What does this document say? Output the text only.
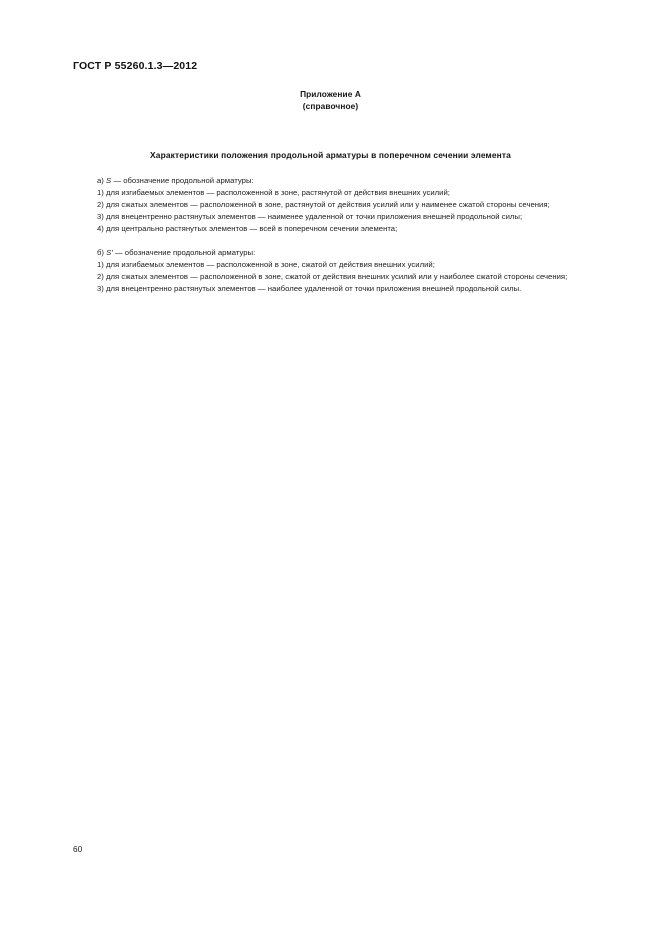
ГОСТ Р 55260.1.3—2012
Приложение А
(справочное)
Характеристики положения продольной арматуры в поперечном сечении элемента

а) S — обозначение продольной арматуры:

1) для изгибаемых элементов — расположенной в зоне, растянутой от действия внешних усилий;

2) для сжатых элементов — расположенной в зоне, растянутой от действия усилий или у наименее сжатой стороны сечения;

3) для внецентренно растянутых элементов — наименее удаленной от точки приложения внешней продольной силы;

4) для центрально растянутых элементов — всей в поперечном сечении элемента;

б) S′ — обозначение продольной арматуры:

1) для изгибаемых элементов — расположенной в зоне, сжатой от действия внешних усилий;

2) для сжатых элементов — расположенной в зоне, сжатой от действия внешних усилий или у наиболее сжатой стороны сечения;

3) для внецентренно растянутых элементов — наиболее удаленной от точки приложения внешней продольной силы.

60
